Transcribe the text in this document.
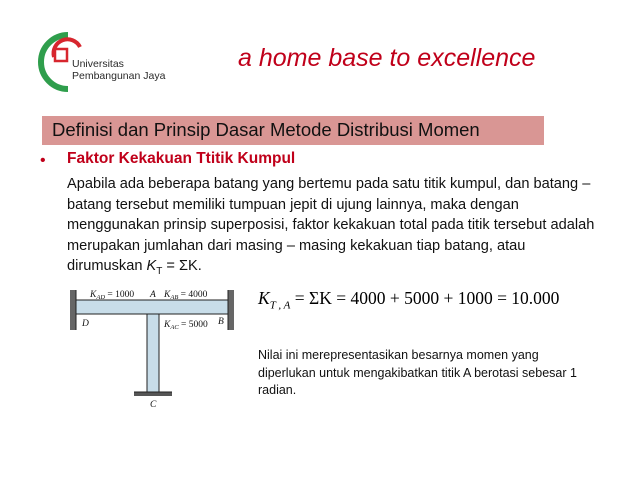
Universitas
Pembangunan Jaya
a home base to excellence
Definisi dan Prinsip Dasar Metode Distribusi Momen
• Faktor Kekakuan Ttitik Kumpul
Apabila ada beberapa batang yang bertemu pada satu titik kumpul, dan batang – batang tersebut memiliki tumpuan jepit di ujung lainnya, maka dengan menggunakan prinsip superposisi, faktor kekakuan total pada titik tersebut adalah merupakan jumlahan dari masing – masing kekakuan tiap batang, atau dirumuskan $K_T = \Sigma K$.
$K_{T , A} = \Sigma K = 4000 + 5000 + 1000 = 10.000$
$K_{AD} = 1000$ A $K_{AB} = 4000$
D	$K_{AC} = 5000$ B
C
Nilai ini merepresentasikan besarnya momen yang diperlukan untuk mengakibatkan titik A berotasi sebesar 1 radian.
